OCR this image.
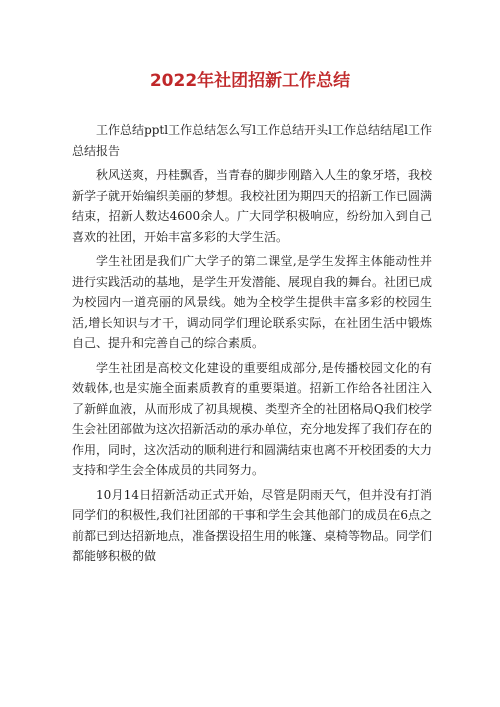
2022年社团招新工作总结

工作总结pptl工作总结怎么写l工作总结开头l工作总结结尾l工作总结报告

秋风送爽，丹桂飘香，当青春的脚步刚踏入人生的象牙塔，我校新学子就开始编织美丽的梦想。我校社团为期四天的招新工作已圆满结束，招新人数达4600余人。广大同学积极响应，纷纷加入到自己喜欢的社团，开始丰富多彩的大学生活。

学生社团是我们广大学子的第二课堂,是学生发挥主体能动性并进行实践活动的基地，是学生开发潜能、展现自我的舞台。社团已成为校园内一道亮丽的风景线。她为全校学生提供丰富多彩的校园生活,增长知识与才干，调动同学们理论联系实际，在社团生活中锻炼自己、提升和完善自己的综合素质。

学生社团是高校文化建设的重要组成部分,是传播校园文化的有效载体,也是实施全面素质教育的重要渠道。招新工作给各社团注入了新鲜血液，从而形成了初具规模、类型齐全的社团格局Q我们校学生会社团部做为这次招新活动的承办单位，充分地发挥了我们存在的作用，同时，这次活动的顺利进行和圆满结束也离不开校团委的大力支持和学生会全体成员的共同努力。

10月14日招新活动正式开始，尽管是阴雨天气，但并没有打消同学们的积极性,我们社团部的干事和学生会其他部门的成员在6点之前都已到达招新地点，准备摆设招生用的帐篷、桌椅等物品。同学们都能够积极的做
